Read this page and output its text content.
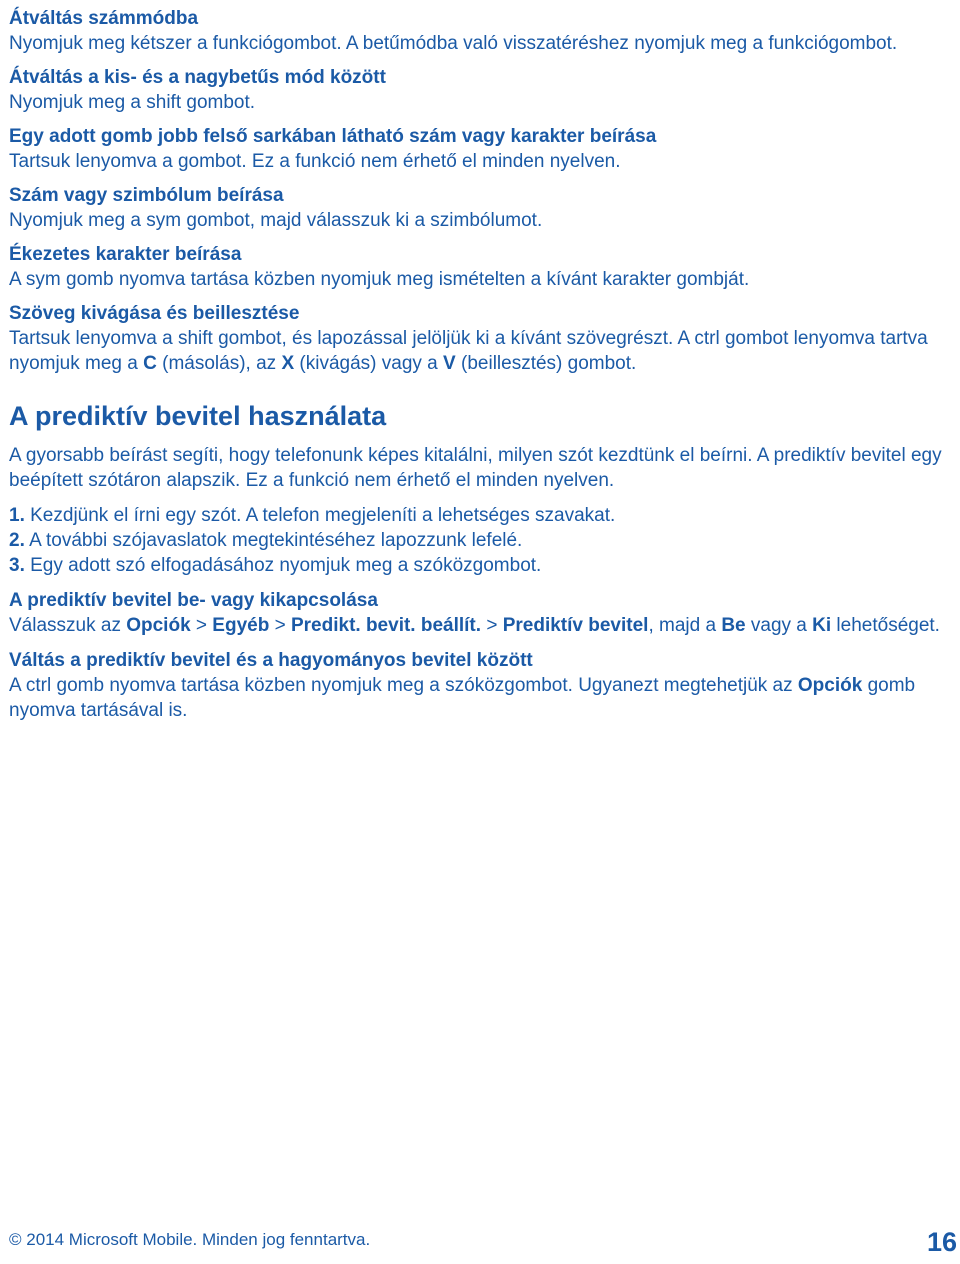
Átváltás számmódba
Nyomjuk meg kétszer a funkciógombot. A betűmódba való visszatéréshez nyomjuk meg a funkciógombot.
Átváltás a kis- és a nagybetűs mód között
Nyomjuk meg a shift gombot.
Egy adott gomb jobb felső sarkában látható szám vagy karakter beírása
Tartsuk lenyomva a gombot. Ez a funkció nem érhető el minden nyelven.
Szám vagy szimbólum beírása
Nyomjuk meg a sym gombot, majd válasszuk ki a szimbólumot.
Ékezetes karakter beírása
A sym gomb nyomva tartása közben nyomjuk meg ismételten a kívánt karakter gombját.
Szöveg kivágása és beillesztése
Tartsuk lenyomva a shift gombot, és lapozással jelöljük ki a kívánt szövegrészt. A ctrl gombot lenyomva tartva nyomjuk meg a C (másolás), az X (kivágás) vagy a V (beillesztés) gombot.
A prediktív bevitel használata
A gyorsabb beírást segíti, hogy telefonunk képes kitalálni, milyen szót kezdtünk el beírni. A prediktív bevitel egy beépített szótáron alapszik. Ez a funkció nem érhető el minden nyelven.
1. Kezdjünk el írni egy szót. A telefon megjeleníti a lehetséges szavakat.
2. A további szójavaslatok megtekintéséhez lapozzunk lefelé.
3. Egy adott szó elfogadásához nyomjuk meg a szóközgombot.
A prediktív bevitel be- vagy kikapcsolása
Válasszuk az Opciók > Egyéb > Predikt. bevit. beállít. > Prediktív bevitel, majd a Be vagy a Ki lehetőséget.
Váltás a prediktív bevitel és a hagyományos bevitel között
A ctrl gomb nyomva tartása közben nyomjuk meg a szóközgombot. Ugyanezt megtehetjük az Opciók gomb nyomva tartásával is.
© 2014 Microsoft Mobile. Minden jog fenntartva.	16
